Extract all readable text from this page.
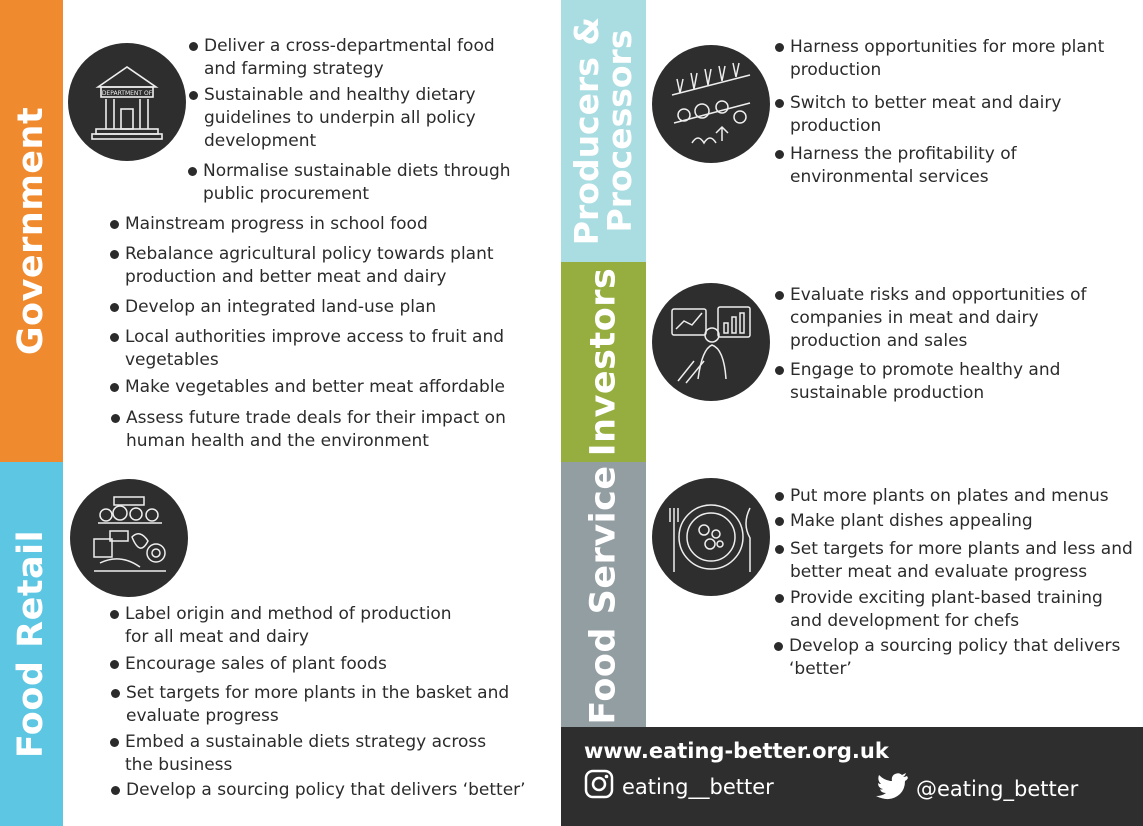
Government
Food Retail
Producers &
Processors
Investors
Food Service
DEPARTMENT OF
Deliver a cross-departmental food and farming strategy
Sustainable and healthy dietary guidelines to underpin all policy development
Normalise sustainable diets through public procurement
Mainstream progress in school food
Rebalance agricultural policy towards plant production and better meat and dairy
Develop an integrated land-use plan
Local authorities improve access to fruit and vegetables
Make vegetables and better meat affordable
Assess future trade deals for their impact on human health and the environment
Label origin and method of production for all meat and dairy
Encourage sales of plant foods
Set targets for more plants in the basket and evaluate progress
Embed a sustainable diets strategy across the business
Develop a sourcing policy that delivers ‘better’
Harness opportunities for more plant production
Switch to better meat and dairy production
Harness the profitability of environmental services
Evaluate risks and opportunities of companies in meat and dairy production and sales
Engage to promote healthy and sustainable production
Put more plants on plates and menus
Make plant dishes appealing
Set targets for more plants and less and better meat and evaluate progress
Provide exciting plant-based training and development for chefs
Develop a sourcing policy that delivers ‘better’
www.eating-better.org.uk
eating__better	@eating_better
